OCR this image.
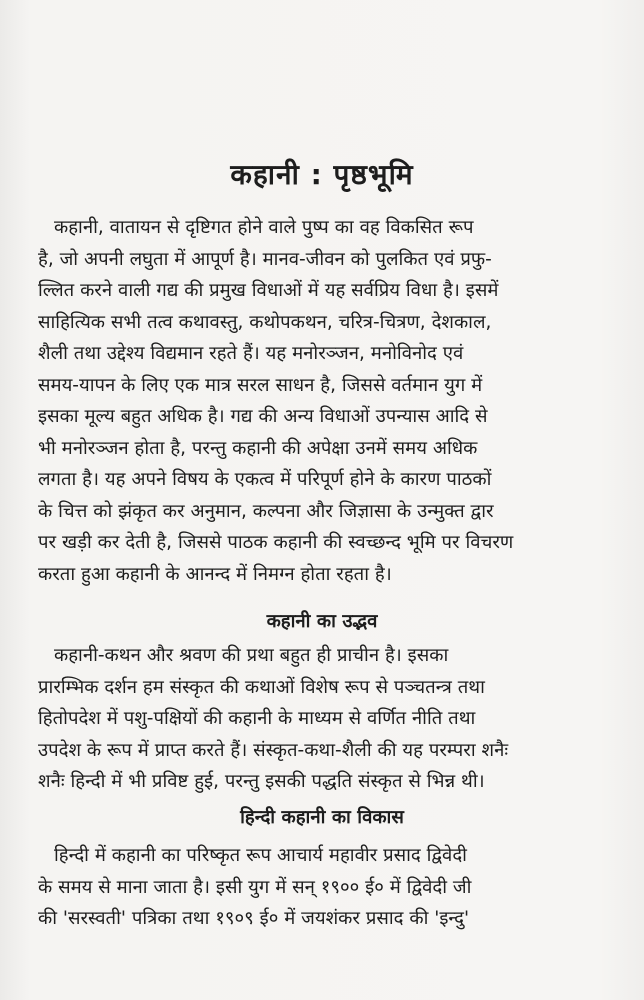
कहानी : पृष्ठभूमि
कहानी, वातायन से दृष्टिगत होने वाले पुष्प का वह विकसित रूप
है, जो अपनी लघुता में आपूर्ण है। मानव-जीवन को पुलकित एवं प्रफु-
ल्लित करने वाली गद्य की प्रमुख विधाओं में यह सर्वप्रिय विधा है। इसमें
साहित्यिक सभी तत्व कथावस्तु, कथोपकथन, चरित्र-चित्रण, देशकाल,
शैली तथा उद्देश्य विद्यमान रहते हैं। यह मनोरञ्जन, मनोविनोद एवं
समय-यापन के लिए एक मात्र सरल साधन है, जिससे वर्तमान युग में
इसका मूल्य बहुत अधिक है। गद्य की अन्य विधाओं उपन्यास आदि से
भी मनोरञ्जन होता है, परन्तु कहानी की अपेक्षा उनमें समय अधिक
लगता है। यह अपने विषय के एकत्व में परिपूर्ण होने के कारण पाठकों
के चित्त को झंकृत कर अनुमान, कल्पना और जिज्ञासा के उन्मुक्त द्वार
पर खड़ी कर देती है, जिससे पाठक कहानी की स्वच्छन्द भूमि पर विचरण
करता हुआ कहानी के आनन्द में निमग्न होता रहता है।
कहानी का उद्भव
कहानी-कथन और श्रवण की प्रथा बहुत ही प्राचीन है। इसका
प्रारम्भिक दर्शन हम संस्कृत की कथाओं विशेष रूप से पञ्चतन्त्र तथा
हितोपदेश में पशु-पक्षियों की कहानी के माध्यम से वर्णित नीति तथा
उपदेश के रूप में प्राप्त करते हैं। संस्कृत-कथा-शैली की यह परम्परा शनैः
शनैः हिन्दी में भी प्रविष्ट हुई, परन्तु इसकी पद्धति संस्कृत से भिन्न थी।
हिन्दी कहानी का विकास
हिन्दी में कहानी का परिष्कृत रूप आचार्य महावीर प्रसाद द्विवेदी
के समय से माना जाता है। इसी युग में सन् १९०० ई० में द्विवेदी जी
की 'सरस्वती' पत्रिका तथा १९०९ ई० में जयशंकर प्रसाद की 'इन्दु'
